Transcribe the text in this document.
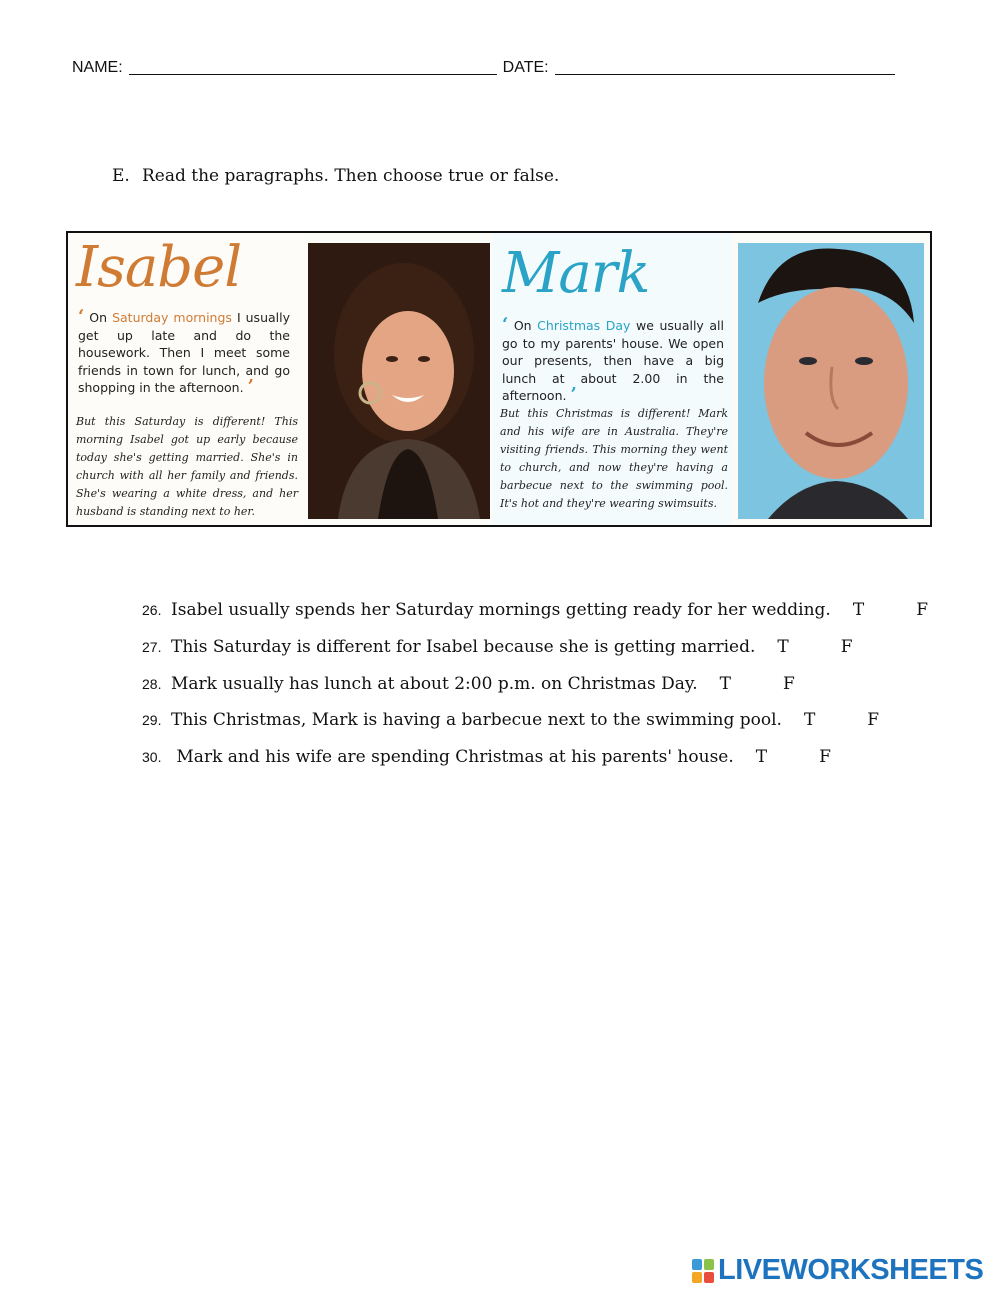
NAME:	DATE:
E. Read the paragraphs. Then choose true or false.
Isabel
‘ On Saturday mornings I usually get up late and do the housework. Then I meet some friends in town for lunch, and go shopping in the afternoon. ’
But this Saturday is different! This morning Isabel got up early because today she's getting married. She's in church with all her family and friends. She's wearing a white dress, and her husband is standing next to her.
Mark
‘ On Christmas Day we usually all go to my parents' house. We open our presents, then have a big lunch at about 2.00 in the afternoon. ’
But this Christmas is different! Mark and his wife are in Australia. They're visiting friends. This morning they went to church, and now they're having a barbecue next to the swimming pool. It's hot and they're wearing swimsuits.
26. Isabel usually spends her Saturday mornings getting ready for her wedding. T	F
27. This Saturday is different for Isabel because she is getting married. T	F
28. Mark usually has lunch at about 2:00 p.m. on Christmas Day. T	F
29. This Christmas, Mark is having a barbecue next to the swimming pool. T	F
30. Mark and his wife are spending Christmas at his parents' house. T	F
LIVEWORKSHEETS
